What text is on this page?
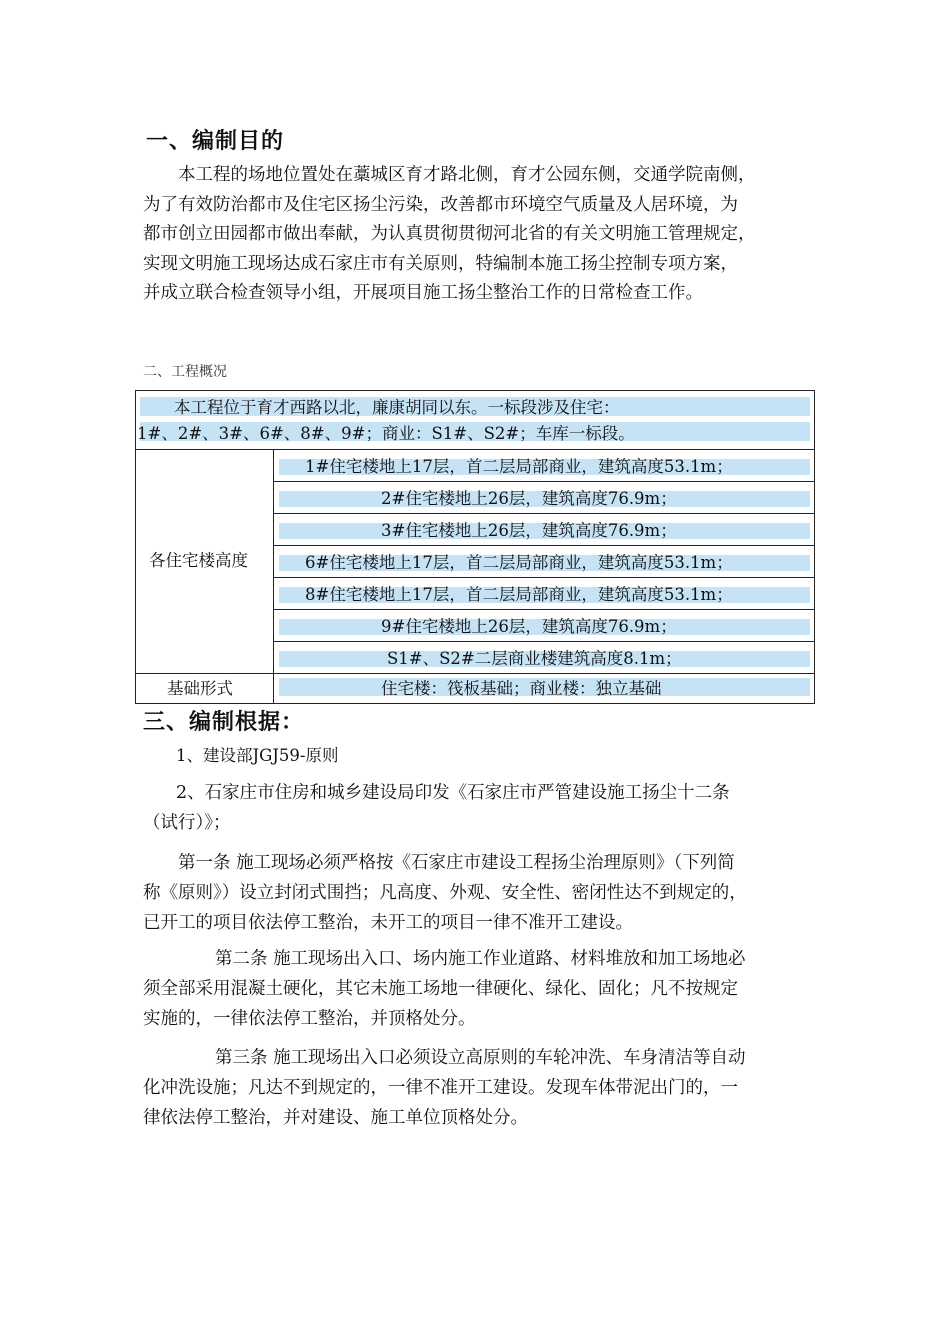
一、编制目的
本工程的场地位置处在藁城区育才路北侧，育才公园东侧，交通学院南侧，
为了有效防治都市及住宅区扬尘污染，改善都市环境空气质量及人居环境，为
都市创立田园都市做出奉献，为认真贯彻贯彻河北省的有关文明施工管理规定，
实现文明施工现场达成石家庄市有关原则，特编制本施工扬尘控制专项方案，
并成立联合检查领导小组，开展项目施工扬尘整治工作的日常检查工作。
二、工程概况
本工程位于育才西路以北，廉康胡同以东。一标段涉及住宅：
1#、2#、3#、6#、8#、9#；商业：S1#、S2#；车库一标段。
各住宅楼高度
1#住宅楼地上17层，首二层局部商业，建筑高度53.1m；
2#住宅楼地上26层，建筑高度76.9m；
3#住宅楼地上26层，建筑高度76.9m；
6#住宅楼地上17层，首二层局部商业，建筑高度53.1m；
8#住宅楼地上17层，首二层局部商业，建筑高度53.1m；
9#住宅楼地上26层，建筑高度76.9m；
S1#、S2#二层商业楼建筑高度8.1m；
基础形式	住宅楼：筏板基础；商业楼：独立基础
三、编制根据：
1、建设部JGJ59-原则
2、石家庄市住房和城乡建设局印发《石家庄市严管建设施工扬尘十二条
（试行）》；
第一条 施工现场必须严格按《石家庄市建设工程扬尘治理原则》（下列简
称《原则》）设立封闭式围挡；凡高度、外观、安全性、密闭性达不到规定的，
已开工的项目依法停工整治，未开工的项目一律不准开工建设。
第二条 施工现场出入口、场内施工作业道路、材料堆放和加工场地必
须全部采用混凝土硬化，其它未施工场地一律硬化、绿化、固化；凡不按规定
实施的，一律依法停工整治，并顶格处分。
第三条 施工现场出入口必须设立高原则的车轮冲洗、车身清洁等自动
化冲洗设施；凡达不到规定的，一律不准开工建设。发现车体带泥出门的，一
律依法停工整治，并对建设、施工单位顶格处分。
